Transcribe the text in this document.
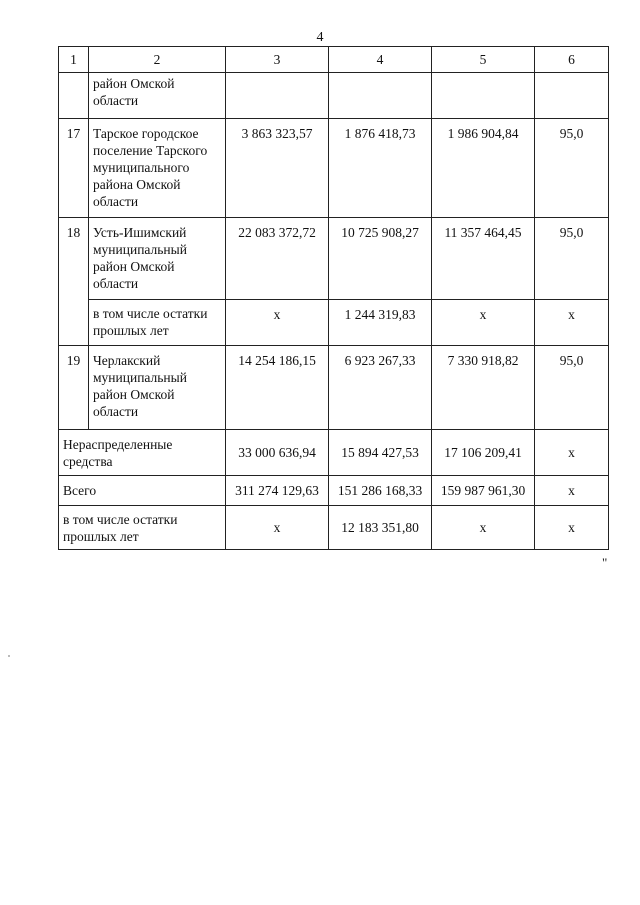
4
1	2	3	4	5	6
	район Омской области				
17	Тарское городское поселение Тарского муниципального района Омской области	3 863 323,57	1 876 418,73	1 986 904,84	95,0
18	Усть-Ишимский муниципальный район Омской области	22 083 372,72	10 725 908,27	11 357 464,45	95,0
	в том числе остатки прошлых лет	x	1 244 319,83	x	x
19	Черлакский муниципальный район Омской области	14 254 186,15	6 923 267,33	7 330 918,82	95,0
Нераспределенные средства		33 000 636,94	15 894 427,53	17 106 209,41	x
Всего		311 274 129,63	151 286 168,33	159 987 961,30	x
в том числе остатки прошлых лет		x	12 183 351,80	x	x
"
